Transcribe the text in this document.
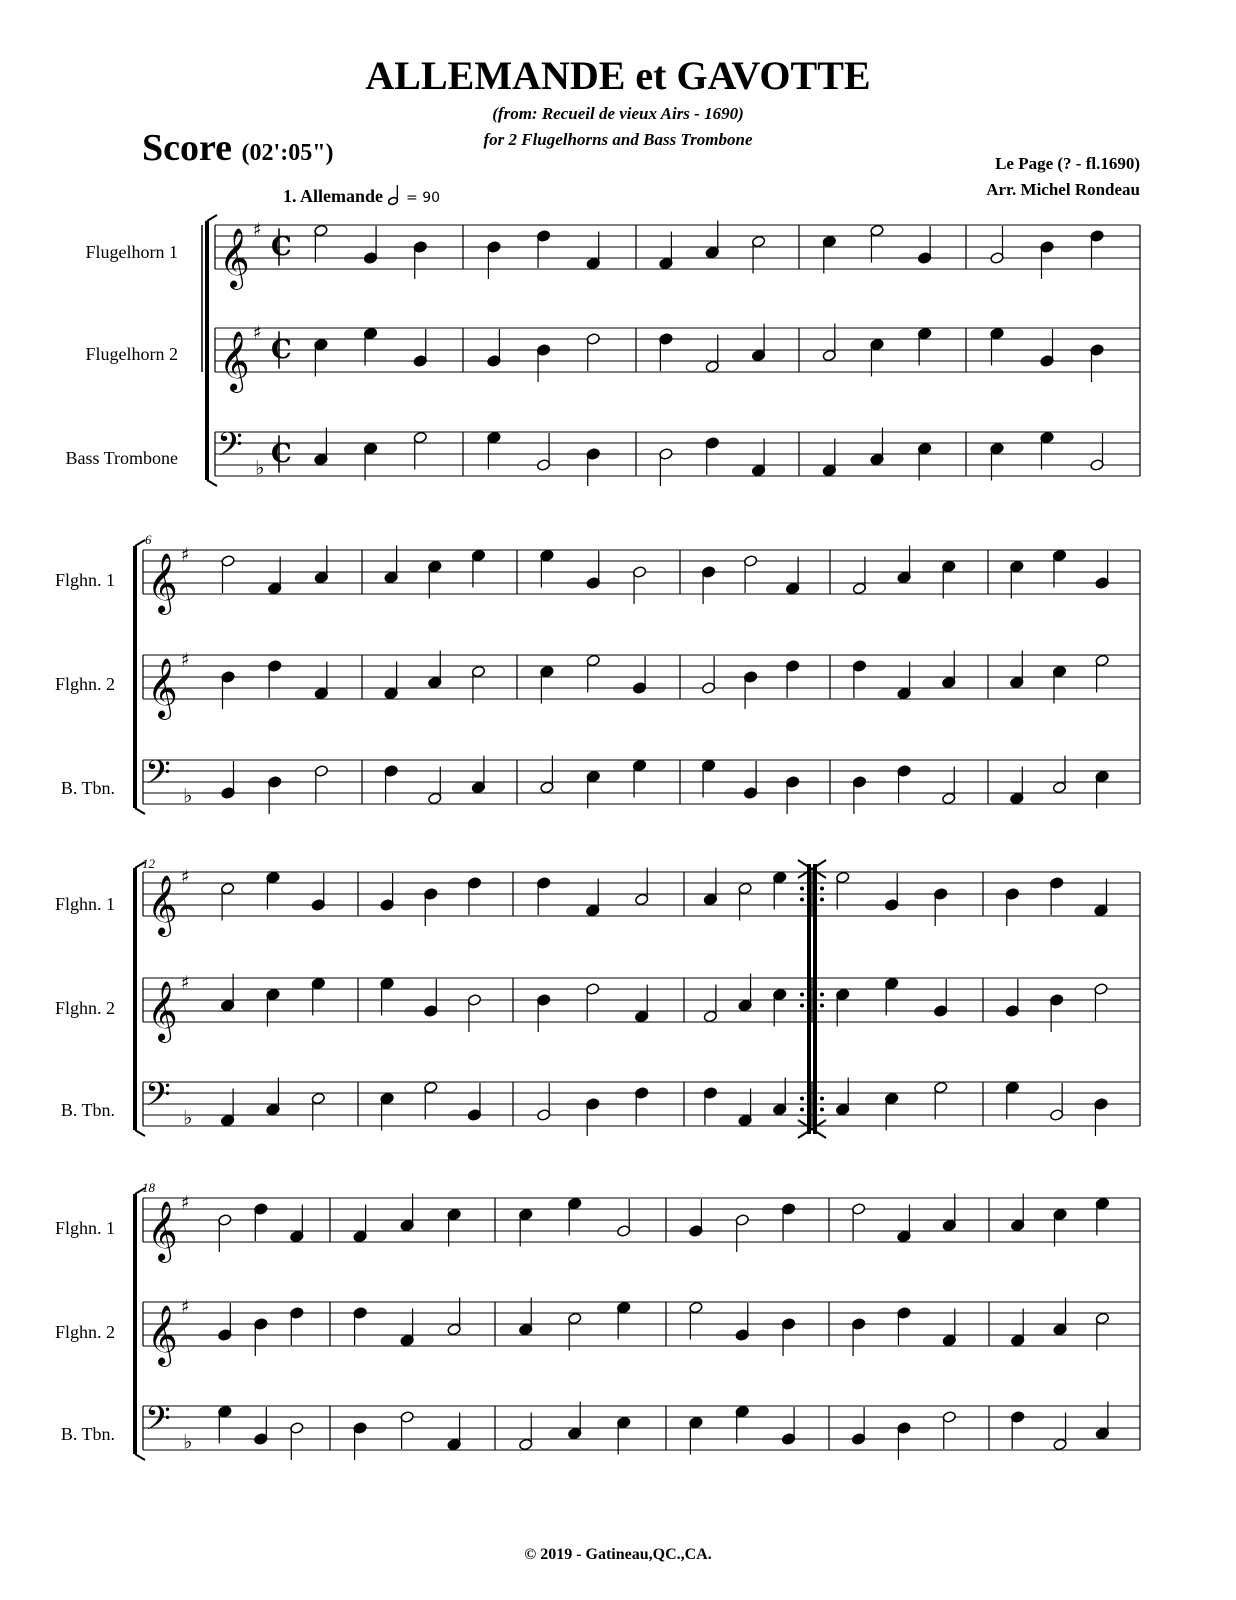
ALLEMANDE et GAVOTTE
(from: Recueil de vieux Airs - 1690)
for 2 Flugelhorns and Bass Trombone
Score (02':05")	Le Page (? - fl.1690)
Arr. Michel Rondeau
1. Allemande = 90
Flugelhorn 1
Flugelhorn 2
Bass Trombone
Flghn. 1
Flghn. 2
B. Tbn.
Flghn. 1
Flghn. 2
B. Tbn.
Flghn. 1
Flghn. 2
B. Tbn.
6
12
18
𝄞 ♯
C
𝄞 ♯
C
𝄢 ♭ C
𝄞 ♯
𝄞 ♯
𝄢 ♭
𝄞 ♯
𝄞 ♯
𝄢 ♭
𝄞 ♯
𝄞 ♯
𝄢 ♭
© 2019 - Gatineau,QC.,CA.
